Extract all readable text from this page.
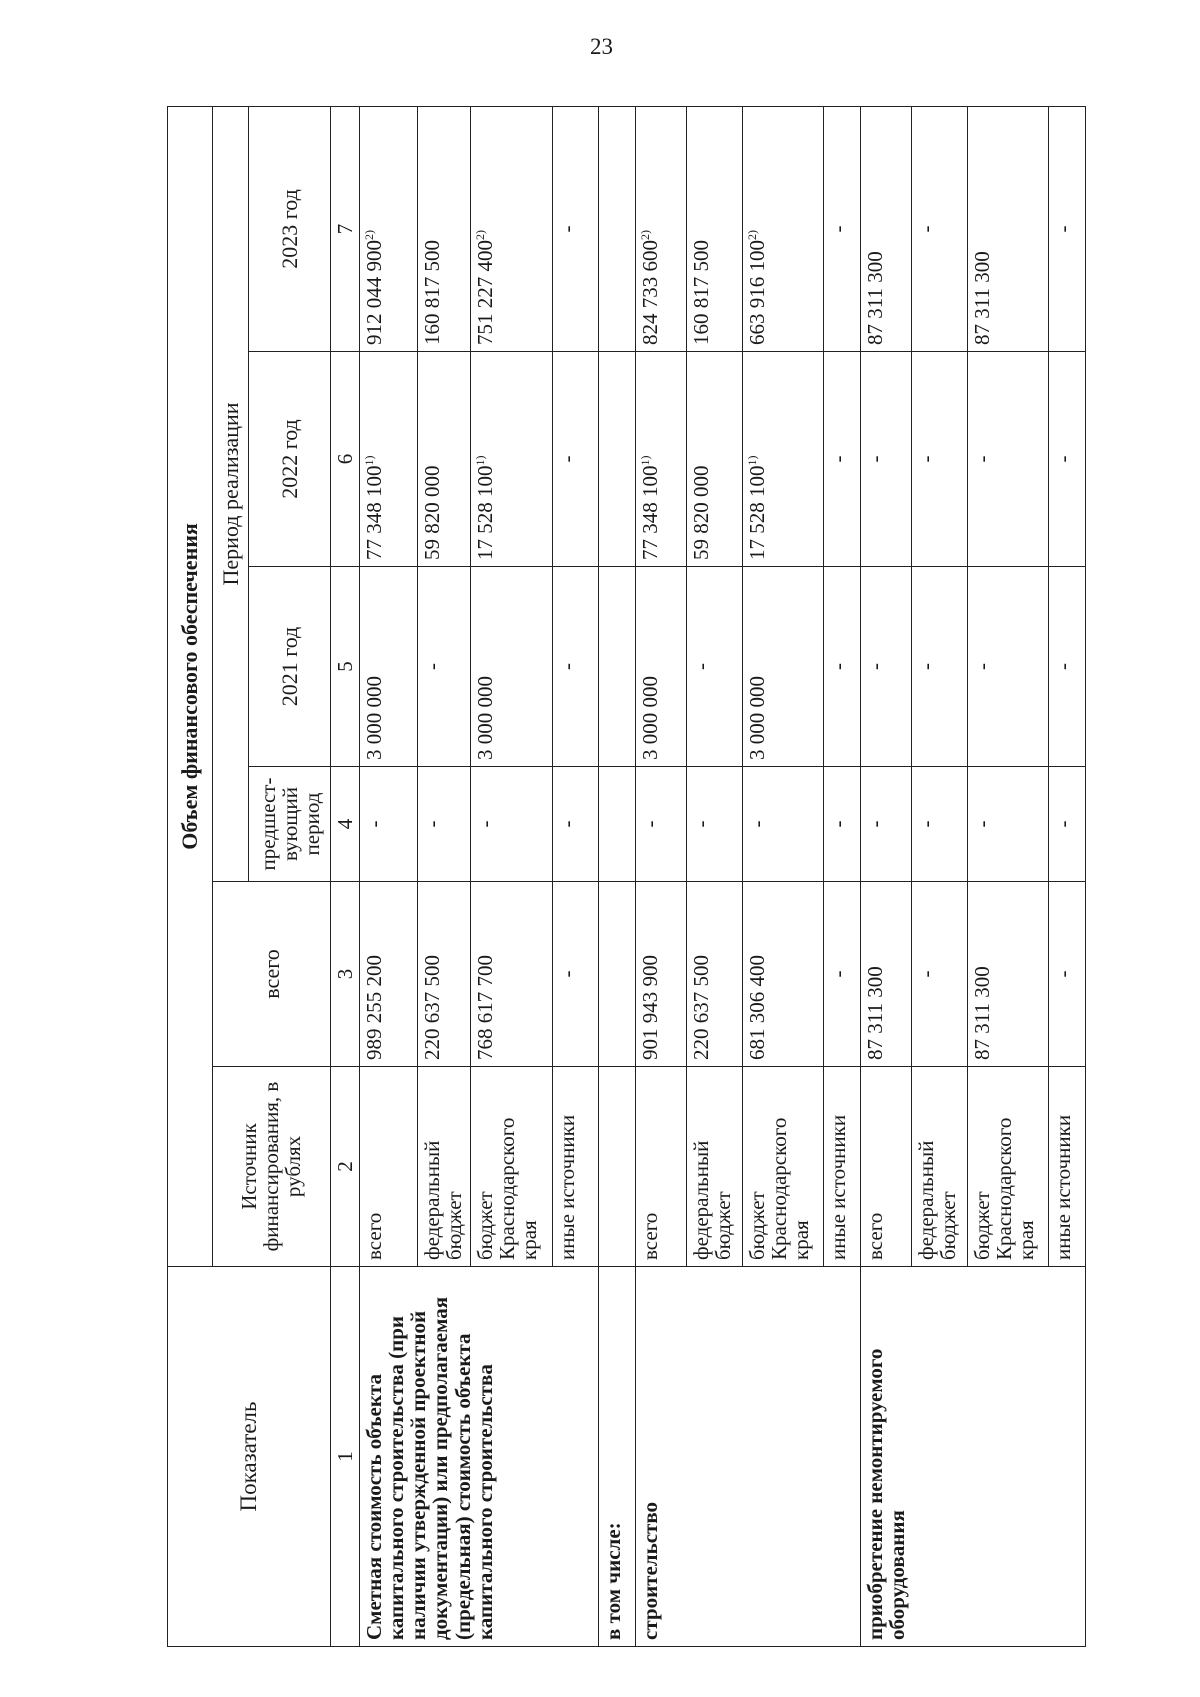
23
Показатель	Объем финансового обеспечения					
	Источник финансирования, в рублях	всего	Период реализации			
			предшест-вующий период	2021 год	2022 год	2023 год
1	2	3	4	5	6	7
Сметная стоимость объекта капитального строительства (при наличии утвержденной проектной документации) или предполагаемая (предельная) стоимость объекта капитального строительства	всего	989 255 200	-	3 000 000	77 348 100$^{1)}$	912 044 900$^{2)}$
	федеральный бюджет	220 637 500	-	-	59 820 000	160 817 500
	бюджет Краснодарского края	768 617 700	-	3 000 000	17 528 100$^{1)}$	751 227 400$^{2)}$
	иные источники	-	-	-	-	-
в том числе:						
строительство	всего	901 943 900	-	3 000 000	77 348 100$^{1)}$	824 733 600$^{2)}$
	федеральный бюджет	220 637 500	-	-	59 820 000	160 817 500
	бюджет Краснодарского края	681 306 400	-	3 000 000	17 528 100$^{1)}$	663 916 100$^{2)}$
	иные источники	-	-	-	-	-
приобретение немонтируемого оборудования	всего	87 311 300	-	-	-	87 311 300
	федеральный бюджет	-	-	-	-	-
	бюджет Краснодарского края	87 311 300	-	-	-	87 311 300
	иные источники	-	-	-	-	-
